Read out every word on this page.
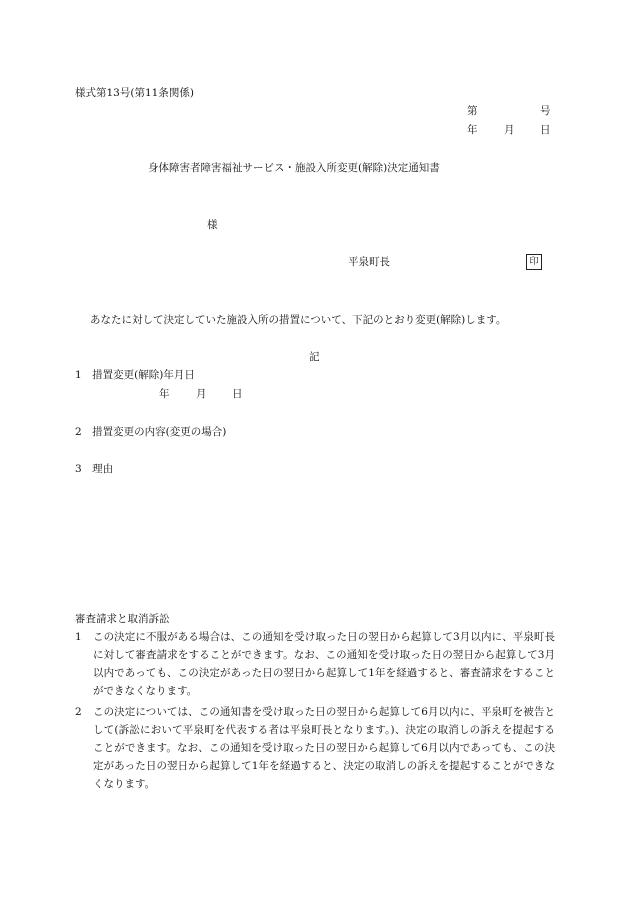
様式第13号(第11条関係)
第	号
年	月 日
身体障害者障害福祉サービス・施設入所変更(解除)決定通知書
様
平泉町長	印
あなたに対して決定していた施設入所の措置について、下記のとおり変更(解除)します。
記
1　措置変更(解除)年月日
年	月 日
2　措置変更の内容(変更の場合)
3　理由
審査請求と取消訴訟
1	この決定に不服がある場合は、この通知を受け取った日の翌日から起算して3月以内に、平泉町長に対して審査請求をすることができます。なお、この通知を受け取った日の翌日から起算して3月以内であっても、この決定があった日の翌日から起算して1年を経過すると、審査請求をすることができなくなります。
2	この決定については、この通知書を受け取った日の翌日から起算して6月以内に、平泉町を被告として(訴訟において平泉町を代表する者は平泉町長となります。)、決定の取消しの訴えを提起することができます。なお、この通知を受け取った日の翌日から起算して6月以内であっても、この決定があった日の翌日から起算して1年を経過すると、決定の取消しの訴えを提起することができなくなります。
